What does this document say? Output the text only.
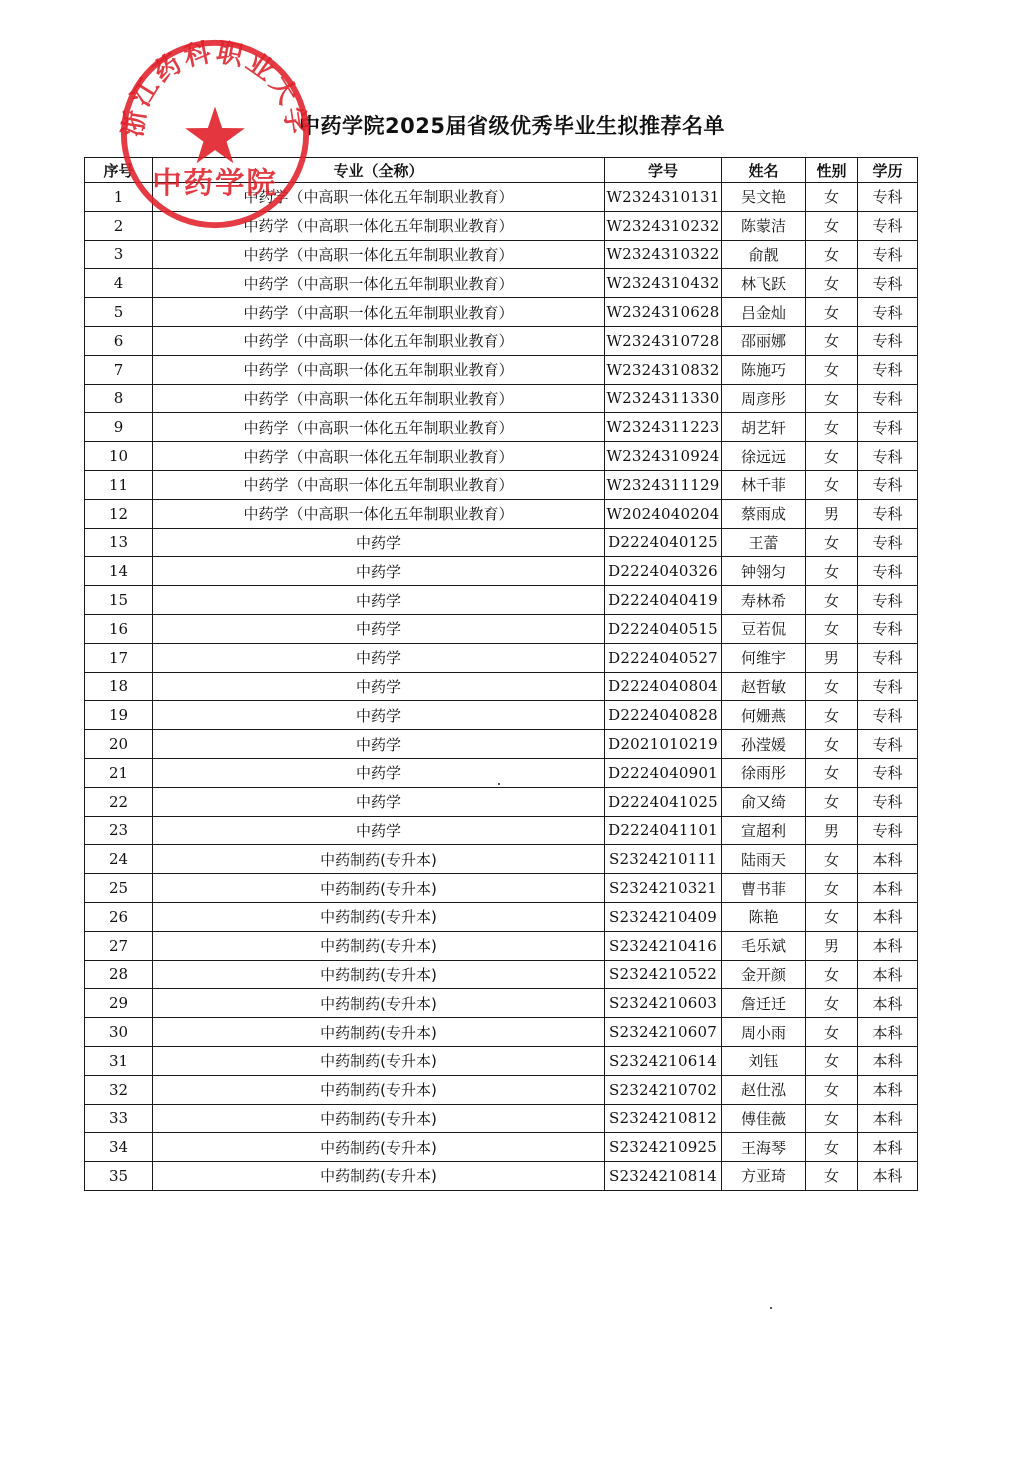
中药学院2025届省级优秀毕业生拟推荐名单
序号	专业（全称）	学号	姓名	性别	学历
1	中药学（中高职一体化五年制职业教育）	W2324310131	吴文艳	女	专科
2	中药学（中高职一体化五年制职业教育）	W2324310232	陈蒙洁	女	专科
3	中药学（中高职一体化五年制职业教育）	W2324310322	俞靓	女	专科
4	中药学（中高职一体化五年制职业教育）	W2324310432	林飞跃	女	专科
5	中药学（中高职一体化五年制职业教育）	W2324310628	吕金灿	女	专科
6	中药学（中高职一体化五年制职业教育）	W2324310728	邵丽娜	女	专科
7	中药学（中高职一体化五年制职业教育）	W2324310832	陈施巧	女	专科
8	中药学（中高职一体化五年制职业教育）	W2324311330	周彦彤	女	专科
9	中药学（中高职一体化五年制职业教育）	W2324311223	胡艺轩	女	专科
10	中药学（中高职一体化五年制职业教育）	W2324310924	徐远远	女	专科
11	中药学（中高职一体化五年制职业教育）	W2324311129	林千菲	女	专科
12	中药学（中高职一体化五年制职业教育）	W2024040204	蔡雨成	男	专科
13	中药学	D2224040125	王蕾	女	专科
14	中药学	D2224040326	钟翎匀	女	专科
15	中药学	D2224040419	寿林希	女	专科
16	中药学	D2224040515	豆若侃	女	专科
17	中药学	D2224040527	何维宇	男	专科
18	中药学	D2224040804	赵哲敏	女	专科
19	中药学	D2224040828	何姗燕	女	专科
20	中药学	D2021010219	孙滢媛	女	专科
21	中药学	D2224040901	徐雨彤	女	专科
22	中药学	D2224041025	俞又绮	女	专科
23	中药学	D2224041101	宣超利	男	专科
24	中药制药(专升本)	S2324210111	陆雨天	女	本科
25	中药制药(专升本)	S2324210321	曹书菲	女	本科
26	中药制药(专升本)	S2324210409	陈艳	女	本科
27	中药制药(专升本)	S2324210416	毛乐斌	男	本科
28	中药制药(专升本)	S2324210522	金开颜	女	本科
29	中药制药(专升本)	S2324210603	詹迁迁	女	本科
30	中药制药(专升本)	S2324210607	周小雨	女	本科
31	中药制药(专升本)	S2324210614	刘钰	女	本科
32	中药制药(专升本)	S2324210702	赵仕泓	女	本科
33	中药制药(专升本)	S2324210812	傅佳薇	女	本科
34	中药制药(专升本)	S2324210925	王海琴	女	本科
35	中药制药(专升本)	S2324210814	方亚琦	女	本科
浙江药科职业大学
中药学院
